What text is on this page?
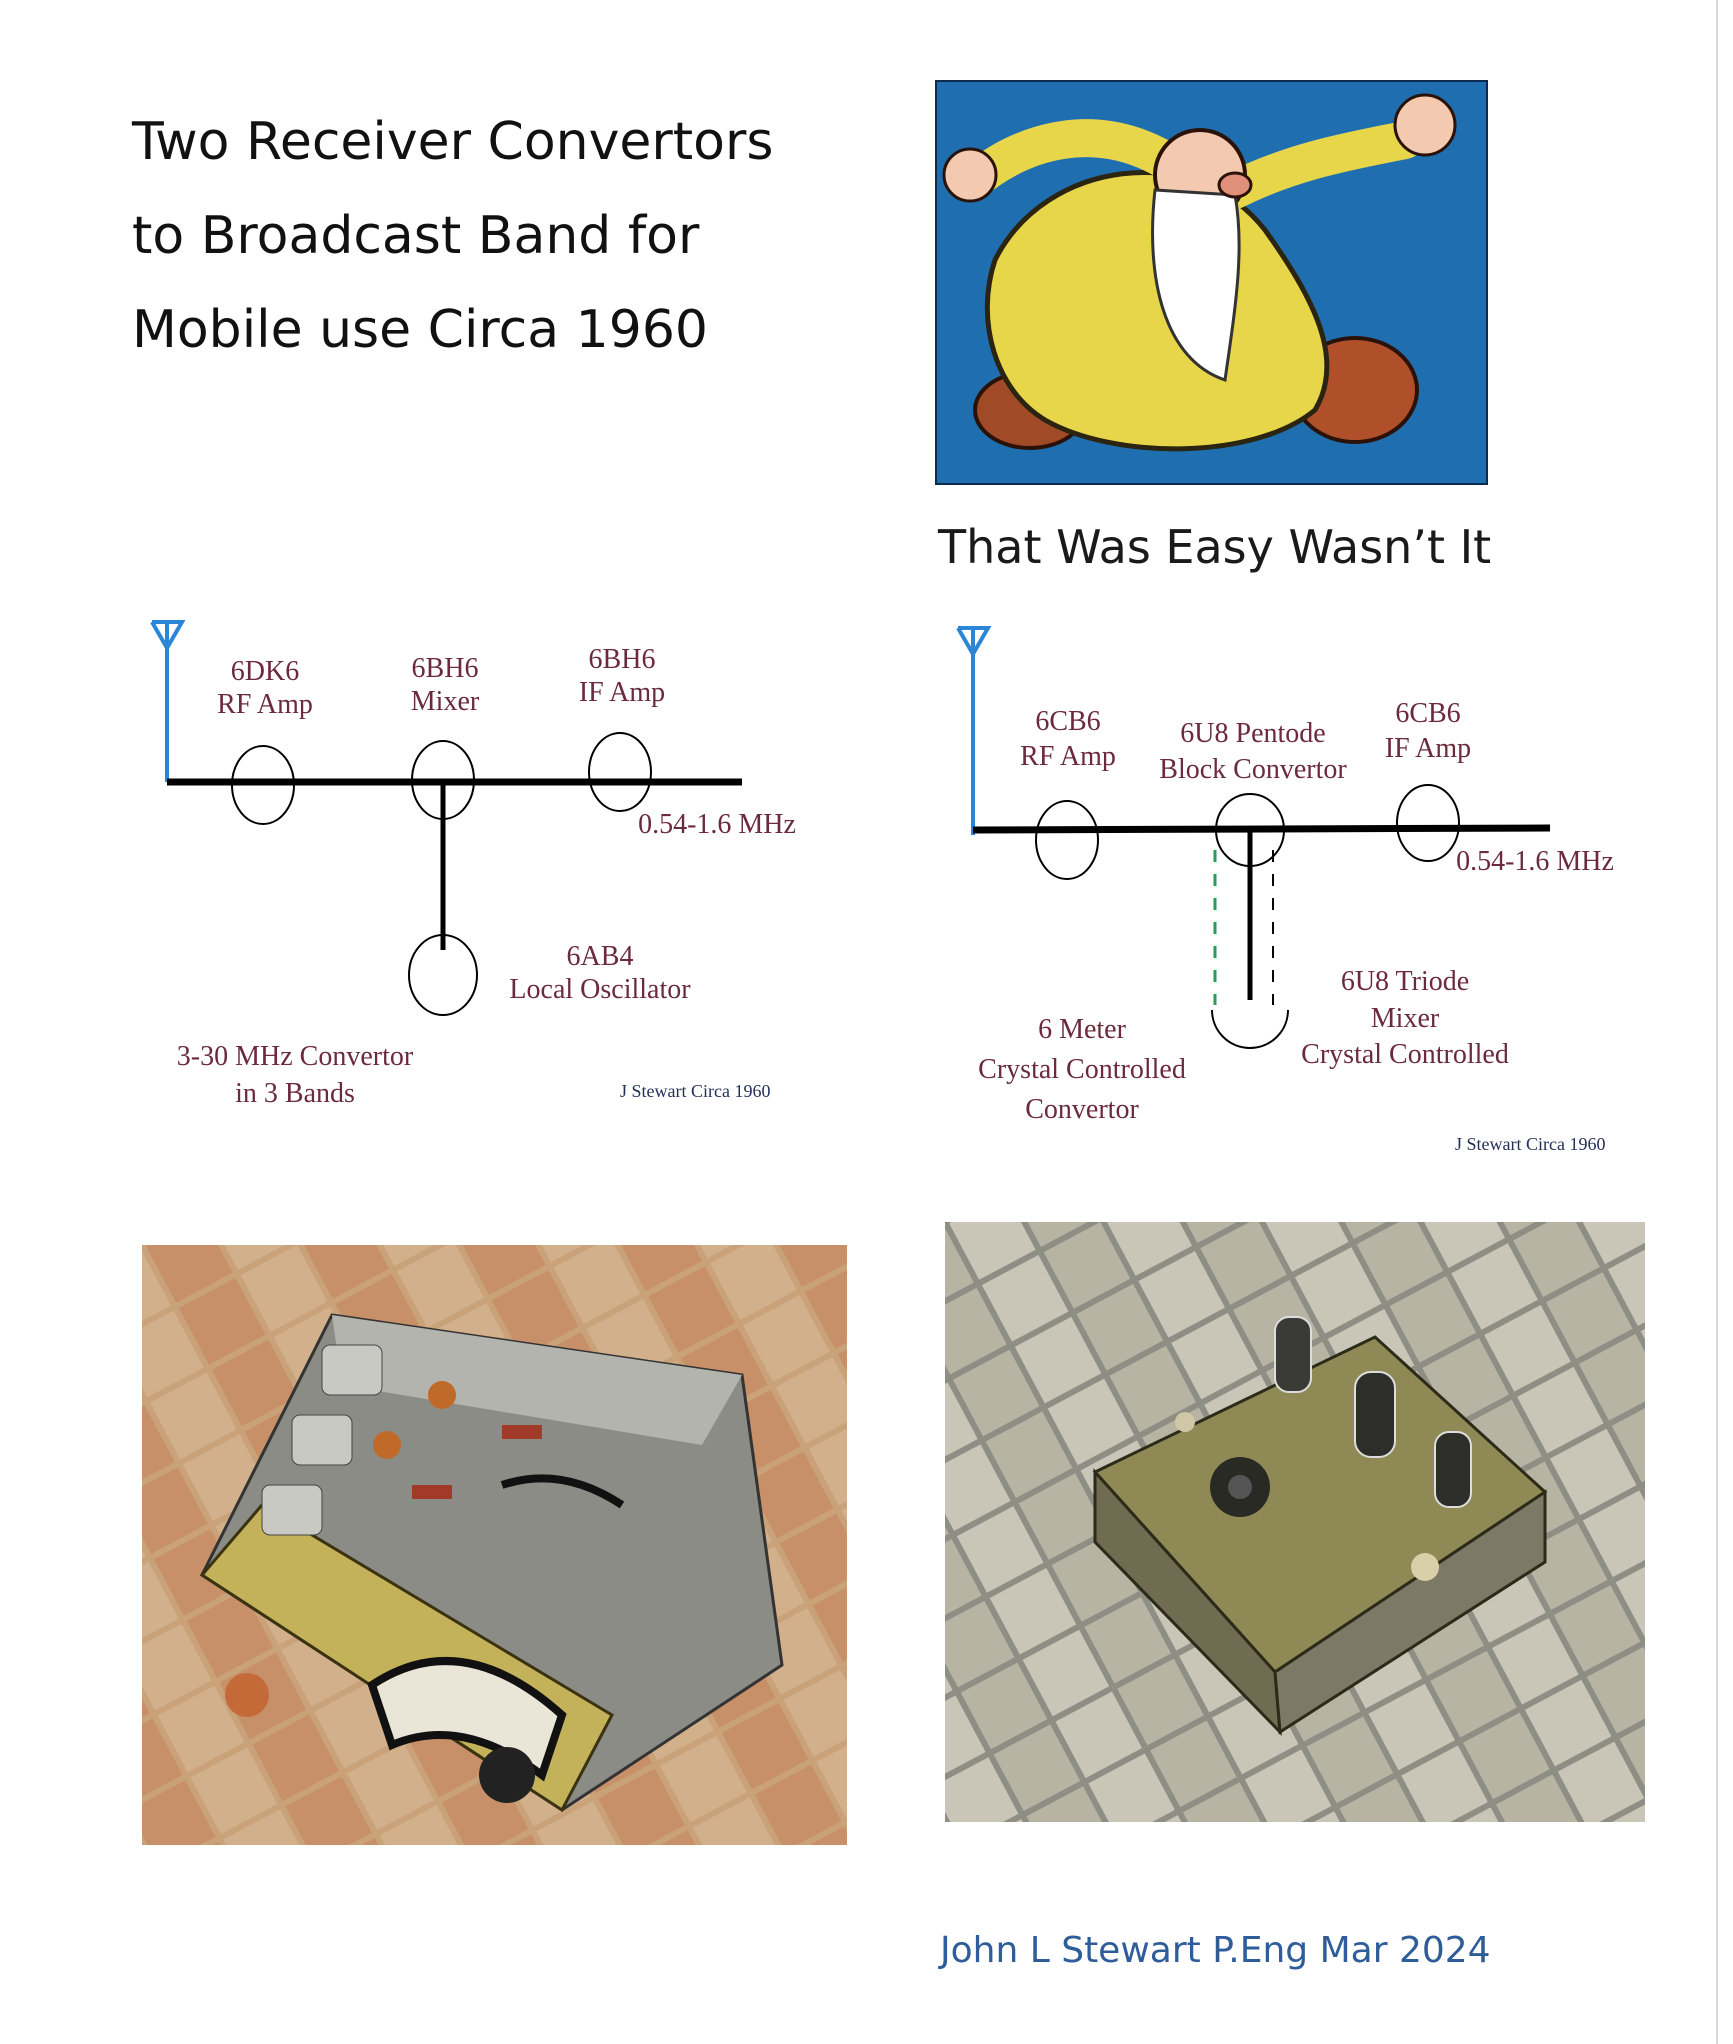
Two Receiver Convertors
to Broadcast Band for
Mobile use Circa 1960
That Was Easy Wasn’t It
6DK6
RF Amp
6BH6
Mixer
6BH6
IF Amp
0.54-1.6 MHz
6AB4
Local Oscillator
3-30 MHz Convertor
in 3 Bands	J Stewart Circa 1960
6CB6
RF Amp
6U8 Pentode
Block Convertor
6CB6
IF Amp
0.54-1.6 MHz
6U8 Triode
Mixer
Crystal Controlled
6 Meter
Crystal Controlled
Convertor
J Stewart Circa 1960
John L Stewart P.Eng Mar 2024
